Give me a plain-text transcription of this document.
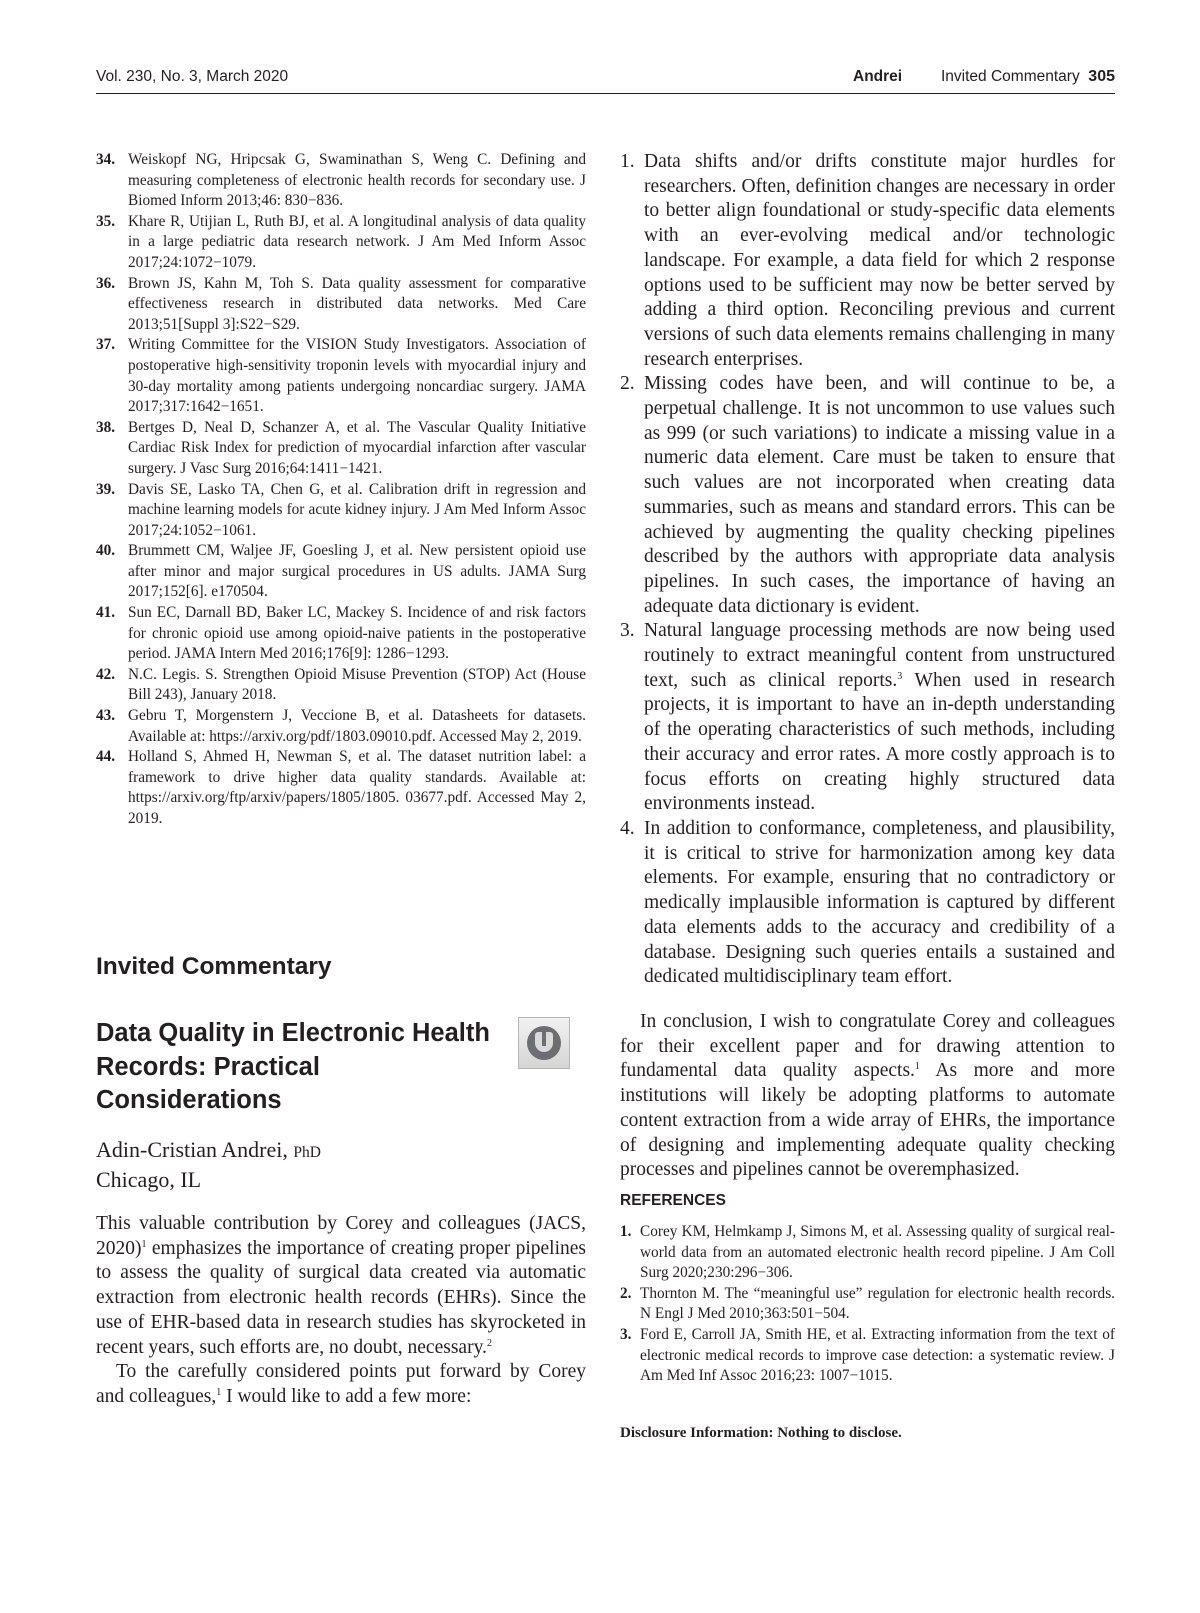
Vol. 230, No. 3, March 2020	Andrei	Invited Commentary 305
34. Weiskopf NG, Hripcsak G, Swaminathan S, Weng C. Defining and measuring completeness of electronic health records for secondary use. J Biomed Inform 2013;46: 830−836.
35. Khare R, Utijian L, Ruth BJ, et al. A longitudinal analysis of data quality in a large pediatric data research network. J Am Med Inform Assoc 2017;24:1072−1079.
36. Brown JS, Kahn M, Toh S. Data quality assessment for comparative effectiveness research in distributed data networks. Med Care 2013;51[Suppl 3]:S22−S29.
37. Writing Committee for the VISION Study Investigators. Association of postoperative high-sensitivity troponin levels with myocardial injury and 30-day mortality among patients undergoing noncardiac surgery. JAMA 2017;317:1642−1651.
38. Bertges D, Neal D, Schanzer A, et al. The Vascular Quality Initiative Cardiac Risk Index for prediction of myocardial infarction after vascular surgery. J Vasc Surg 2016;64:1411−1421.
39. Davis SE, Lasko TA, Chen G, et al. Calibration drift in regression and machine learning models for acute kidney injury. J Am Med Inform Assoc 2017;24:1052−1061.
40. Brummett CM, Waljee JF, Goesling J, et al. New persistent opioid use after minor and major surgical procedures in US adults. JAMA Surg 2017;152[6]. e170504.
41. Sun EC, Darnall BD, Baker LC, Mackey S. Incidence of and risk factors for chronic opioid use among opioid-naive patients in the postoperative period. JAMA Intern Med 2016;176[9]: 1286−1293.
42. N.C. Legis. S. Strengthen Opioid Misuse Prevention (STOP) Act (House Bill 243), January 2018.
43. Gebru T, Morgenstern J, Veccione B, et al. Datasheets for datasets. Available at: https://arxiv.org/pdf/1803.09010.pdf. Accessed May 2, 2019.
44. Holland S, Ahmed H, Newman S, et al. The dataset nutrition label: a framework to drive higher data quality standards. Available at: https://arxiv.org/ftp/arxiv/papers/1805/1805. 03677.pdf. Accessed May 2, 2019.
Invited Commentary
Data Quality in Electronic Health Records: Practical Considerations
Adin-Cristian Andrei, PhD
Chicago, IL

This valuable contribution by Corey and colleagues (JACS, 2020)$^1$ emphasizes the importance of creating proper pipelines to assess the quality of surgical data created via automatic extraction from electronic health records (EHRs). Since the use of EHR-based data in research studies has skyrocketed in recent years, such efforts are, no doubt, necessary.$^2$

To the carefully considered points put forward by Corey and colleagues,$^1$ I would like to add a few more:

1. Data shifts and/or drifts constitute major hurdles for researchers. Often, definition changes are necessary in order to better align foundational or study-specific data elements with an ever-evolving medical and/or technologic landscape. For example, a data field for which 2 response options used to be sufficient may now be better served by adding a third option. Reconciling previous and current versions of such data elements remains challenging in many research enterprises.
2. Missing codes have been, and will continue to be, a perpetual challenge. It is not uncommon to use values such as 999 (or such variations) to indicate a missing value in a numeric data element. Care must be taken to ensure that such values are not incorporated when creating data summaries, such as means and standard errors. This can be achieved by augmenting the quality checking pipelines described by the authors with appropriate data analysis pipelines. In such cases, the importance of having an adequate data dictionary is evident.
3. Natural language processing methods are now being used routinely to extract meaningful content from unstructured text, such as clinical reports.$^3$ When used in research projects, it is important to have an in-depth understanding of the operating characteristics of such methods, including their accuracy and error rates. A more costly approach is to focus efforts on creating highly structured data environments instead.
4. In addition to conformance, completeness, and plausibility, it is critical to strive for harmonization among key data elements. For example, ensuring that no contradictory or medically implausible information is captured by different data elements adds to the accuracy and credibility of a database. Designing such queries entails a sustained and dedicated multidisciplinary team effort.

In conclusion, I wish to congratulate Corey and colleagues for their excellent paper and for drawing attention to fundamental data quality aspects.$^1$ As more and more institutions will likely be adopting platforms to automate content extraction from a wide array of EHRs, the importance of designing and implementing adequate quality checking processes and pipelines cannot be overemphasized.

REFERENCES
1. Corey KM, Helmkamp J, Simons M, et al. Assessing quality of surgical real-world data from an automated electronic health record pipeline. J Am Coll Surg 2020;230:296−306.
2. Thornton M. The “meaningful use” regulation for electronic health records. N Engl J Med 2010;363:501−504.
3. Ford E, Carroll JA, Smith HE, et al. Extracting information from the text of electronic medical records to improve case detection: a systematic review. J Am Med Inf Assoc 2016;23: 1007−1015.
Disclosure Information: Nothing to disclose.
